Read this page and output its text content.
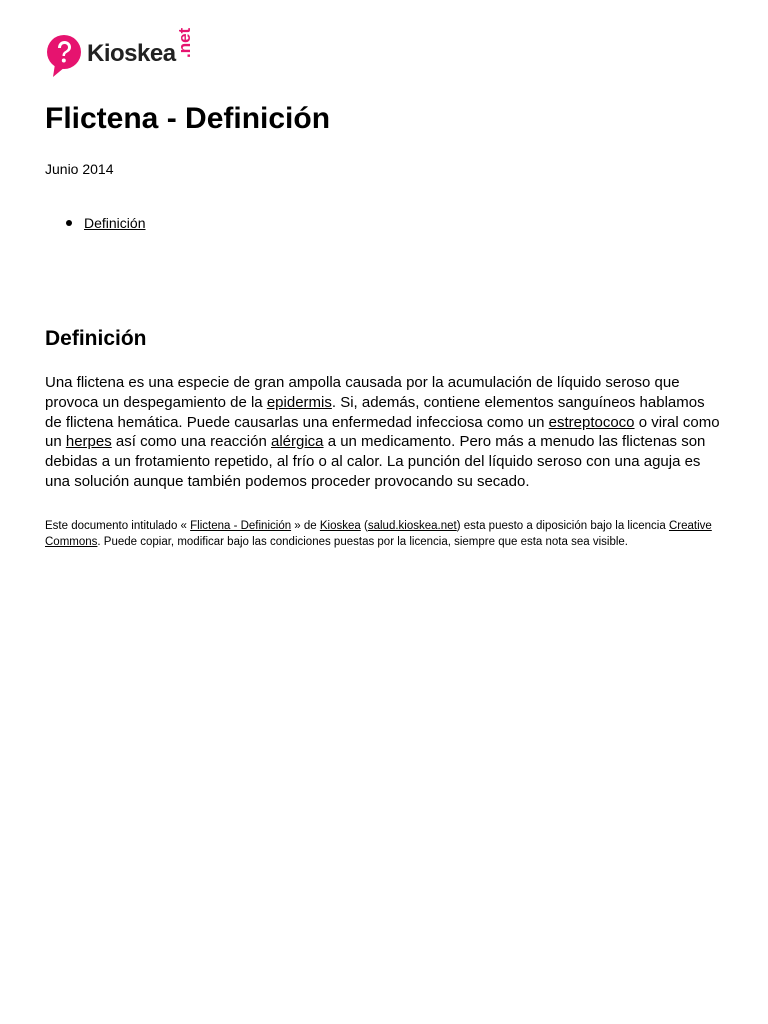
Kioskea .net
Flictena - Definición

Junio 2014

Definición
Definición

Una flictena es una especie de gran ampolla causada por la acumulación de líquido seroso que provoca un despegamiento de la epidermis. Si, además, contiene elementos sanguíneos hablamos de flictena hemática. Puede causarlas una enfermedad infecciosa como un estreptococo o viral como un herpes así como una reacción alérgica a un medicamento. Pero más a menudo las flictenas son debidas a un frotamiento repetido, al frío o al calor. La punción del líquido seroso con una aguja es una solución aunque también podemos proceder provocando su secado.

Este documento intitulado « Flictena - Definición » de Kioskea (salud.kioskea.net) esta puesto a diposición bajo la licencia Creative Commons. Puede copiar, modificar bajo las condiciones puestas por la licencia, siempre que esta nota sea visible.
